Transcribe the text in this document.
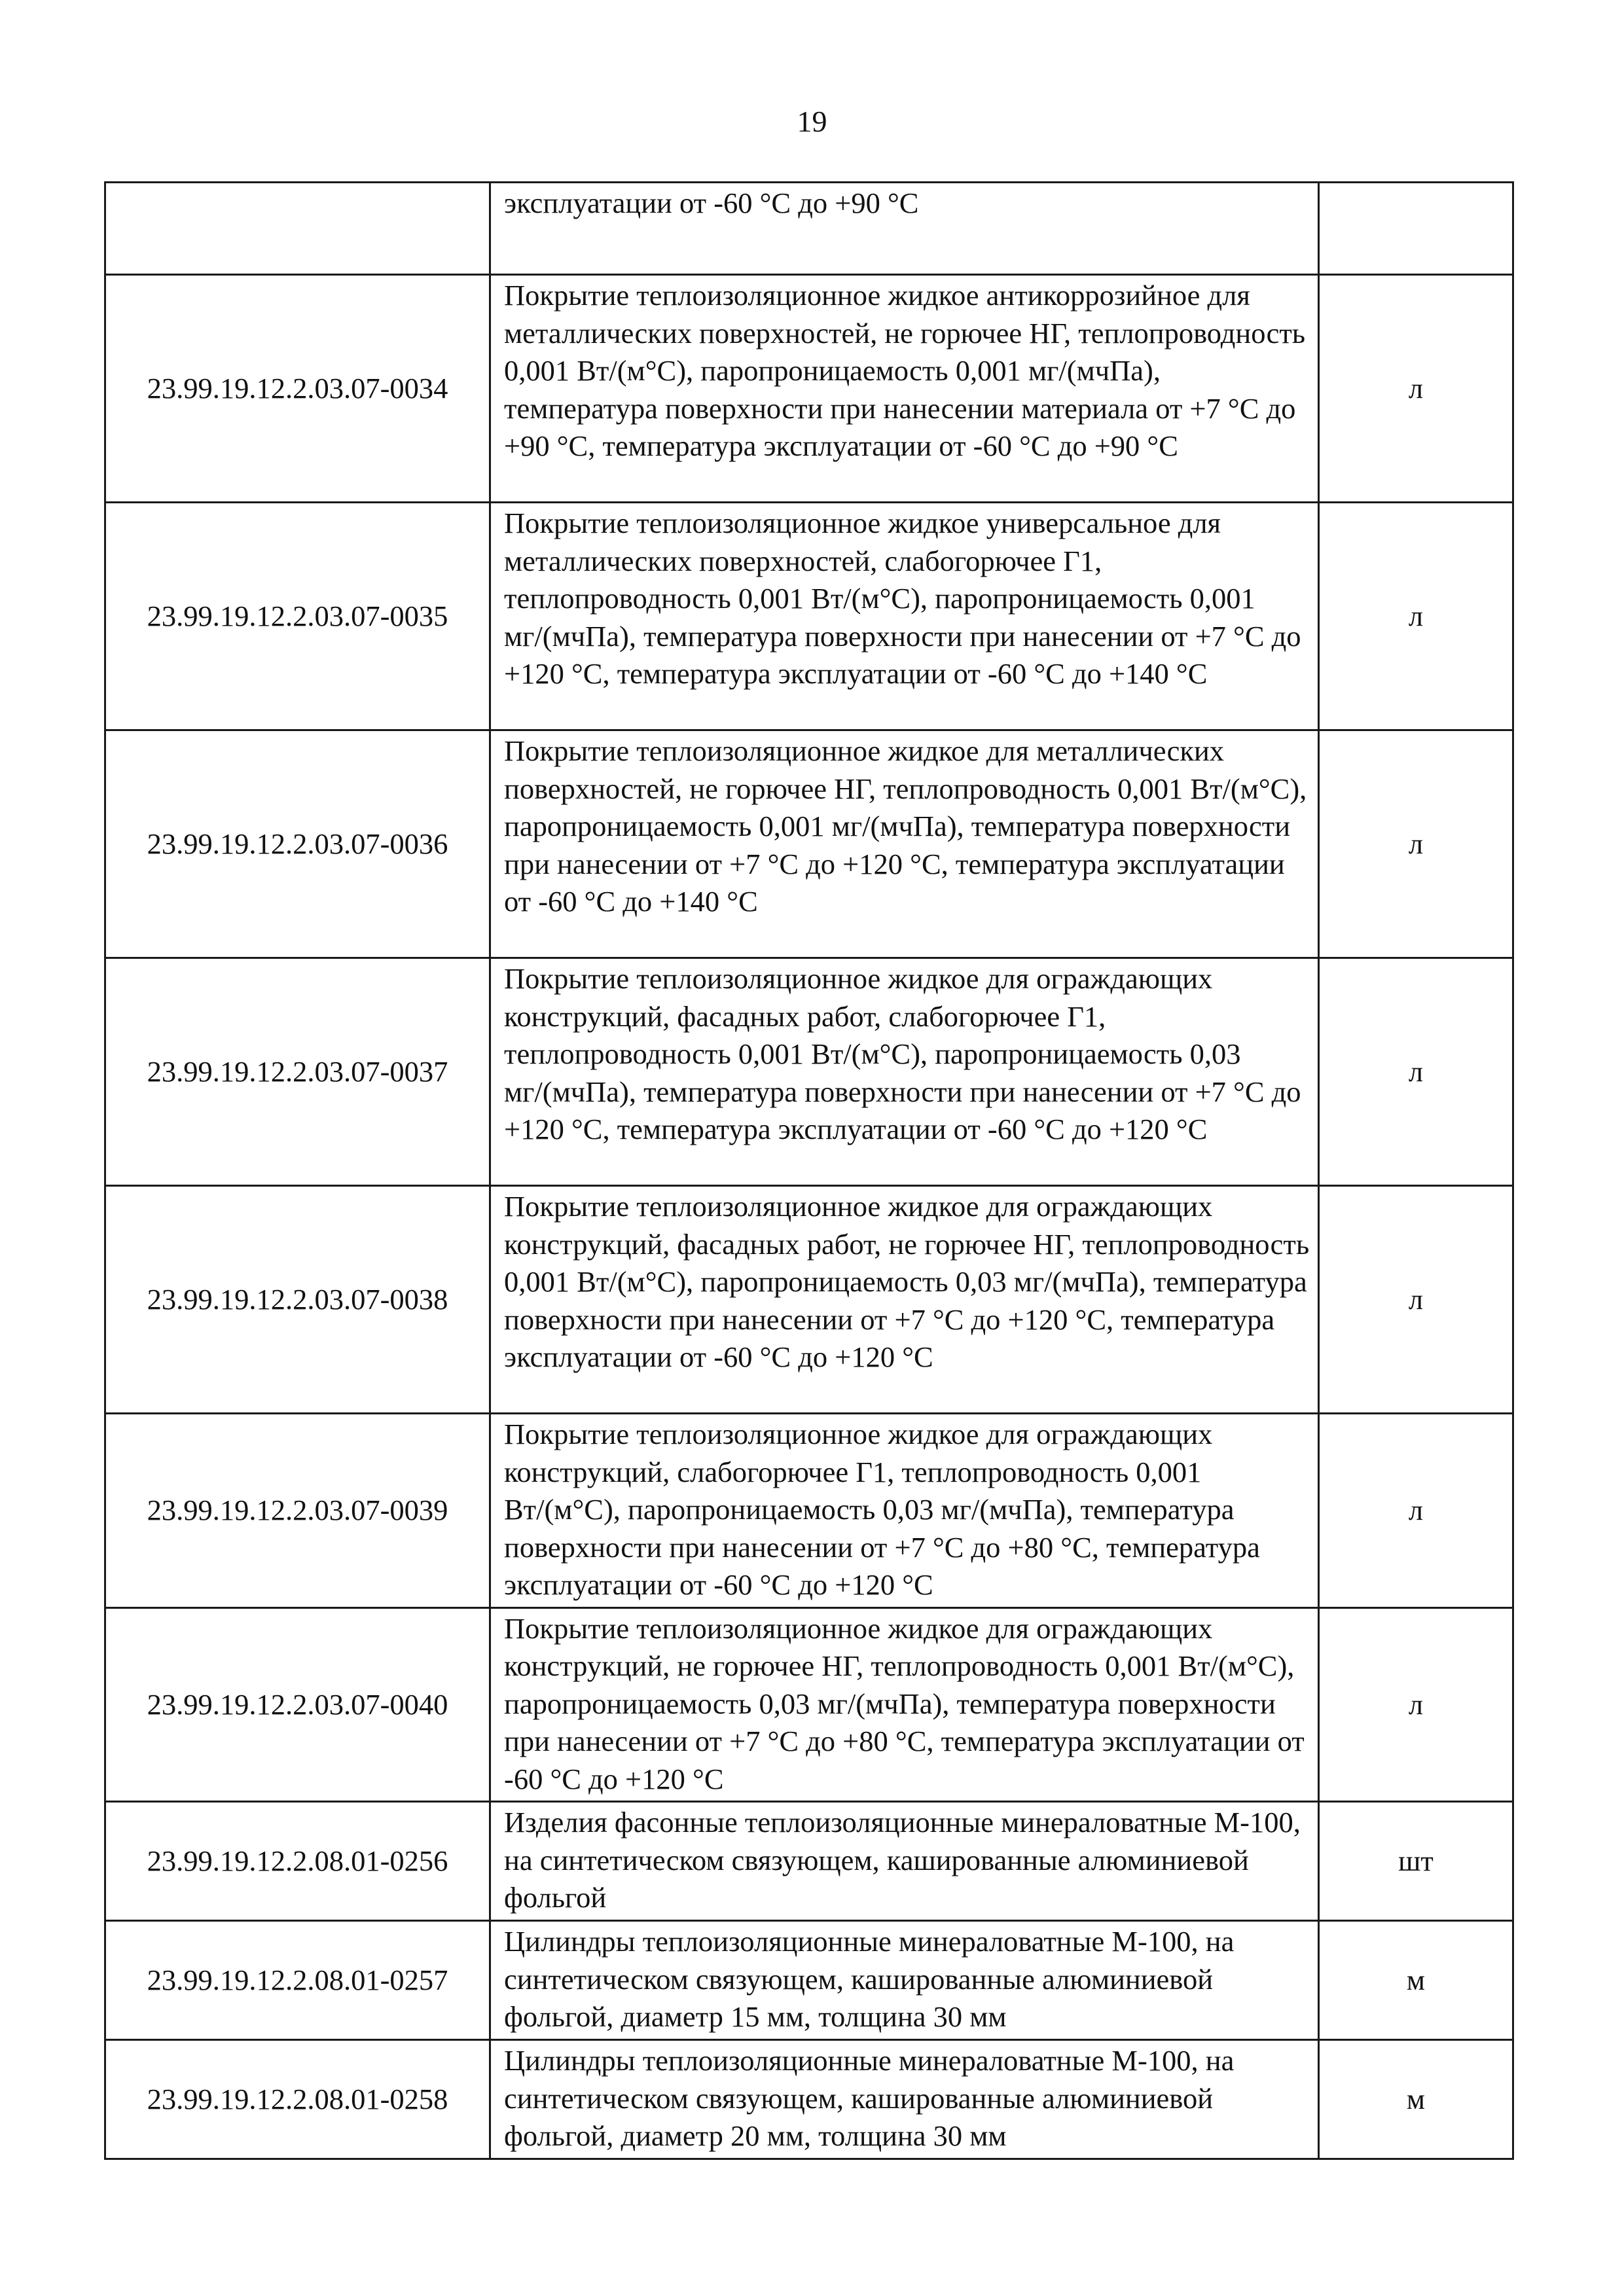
19
	эксплуатации от -60 °С до +90 °С	
23.99.19.12.2.03.07-0034	Покрытие теплоизоляционное жидкое антикоррозийное для металлических поверхностей, не горючее НГ, теплопроводность 0,001 Вт/(м°С), паропроницаемость 0,001 мг/(мчПа), температура поверхности при нанесении материала от +7 °С до +90 °С, температура эксплуатации от -60 °С до +90 °С	л
23.99.19.12.2.03.07-0035	Покрытие теплоизоляционное жидкое универсальное для металлических поверхностей, слабогорючее Г1, теплопроводность 0,001 Вт/(м°С), паропроницаемость 0,001 мг/(мчПа), температура поверхности при нанесении от +7 °С до +120 °С, температура эксплуатации от -60 °С до +140 °С	л
23.99.19.12.2.03.07-0036	Покрытие теплоизоляционное жидкое для металлических поверхностей, не горючее НГ, теплопроводность 0,001 Вт/(м°С), паропроницаемость 0,001 мг/(мчПа), температура поверхности при нанесении от +7 °С до +120 °С, температура эксплуатации от -60 °С до +140 °С	л
23.99.19.12.2.03.07-0037	Покрытие теплоизоляционное жидкое для ограждающих конструкций, фасадных работ, слабогорючее Г1, теплопроводность 0,001 Вт/(м°С), паропроницаемость 0,03 мг/(мчПа), температура поверхности при нанесении от +7 °С до +120 °С, температура эксплуатации от -60 °С до +120 °С	л
23.99.19.12.2.03.07-0038	Покрытие теплоизоляционное жидкое для ограждающих конструкций, фасадных работ, не горючее НГ, теплопроводность 0,001 Вт/(м°С), паропроницаемость 0,03 мг/(мчПа), температура поверхности при нанесении от +7 °С до +120 °С, температура эксплуатации от -60 °С до +120 °С	л
23.99.19.12.2.03.07-0039	Покрытие теплоизоляционное жидкое для ограждающих конструкций, слабогорючее Г1, теплопроводность 0,001 Вт/(м°С), паропроницаемость 0,03 мг/(мчПа), температура поверхности при нанесении от +7 °С до +80 °С, температура эксплуатации от -60 °С до +120 °С	л
23.99.19.12.2.03.07-0040	Покрытие теплоизоляционное жидкое для ограждающих конструкций, не горючее НГ, теплопроводность 0,001 Вт/(м°С), паропроницаемость 0,03 мг/(мчПа), температура поверхности при нанесении от +7 °С до +80 °С, температура эксплуатации от -60 °С до +120 °С	л
23.99.19.12.2.08.01-0256	Изделия фасонные теплоизоляционные минераловатные М-100, на синтетическом связующем, кашированные алюминиевой фольгой	шт
23.99.19.12.2.08.01-0257	Цилиндры теплоизоляционные минераловатные М-100, на синтетическом связующем, кашированные алюминиевой фольгой, диаметр 15 мм, толщина 30 мм	м
23.99.19.12.2.08.01-0258	Цилиндры теплоизоляционные минераловатные М-100, на синтетическом связующем, кашированные алюминиевой фольгой, диаметр 20 мм, толщина 30 мм	м
